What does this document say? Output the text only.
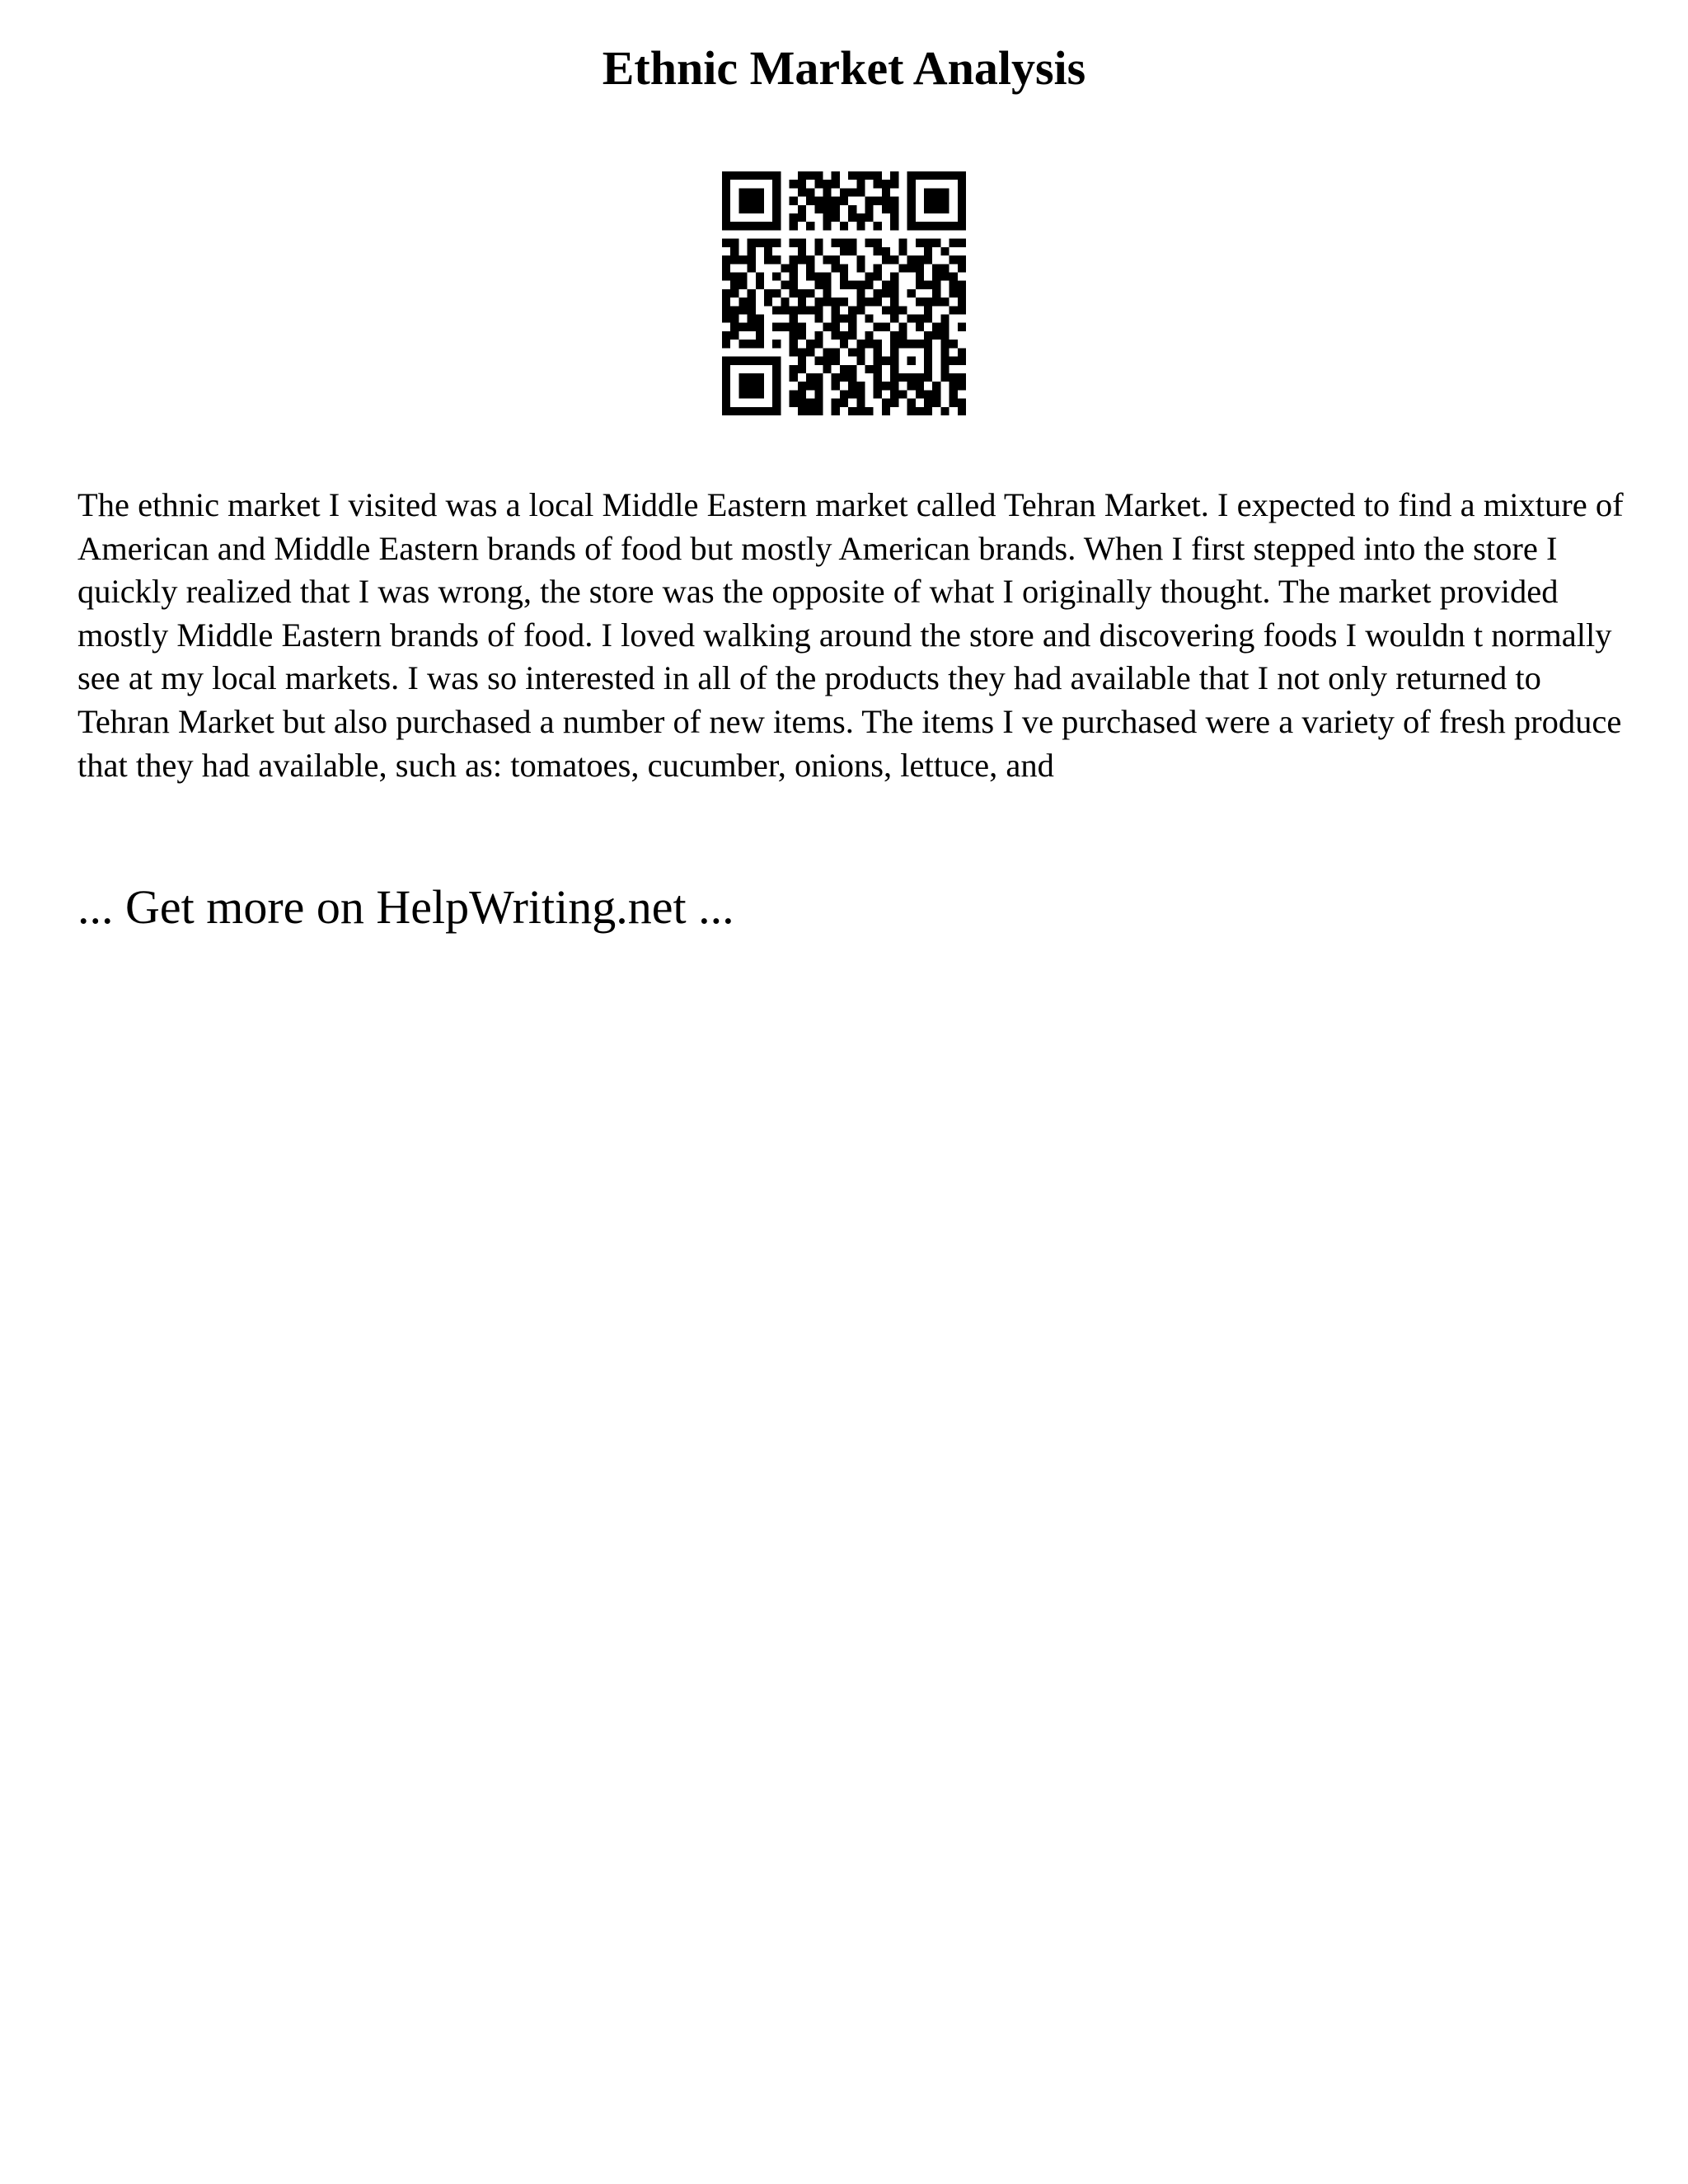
Ethnic Market Analysis

The ethnic market I visited was a local Middle Eastern market called Tehran Market. I expected to find a mixture of American and Middle Eastern brands of food but mostly American brands. When I first stepped into the store I quickly realized that I was wrong, the store was the opposite of what I originally thought. The market provided mostly Middle Eastern brands of food. I loved walking around the store and discovering foods I wouldn t normally see at my local markets. I was so interested in all of the products they had available that I not only returned to Tehran Market but also purchased a number of new items. The items I ve purchased were a variety of fresh produce that they had available, such as: tomatoes, cucumber, onions, lettuce, and

... Get more on HelpWriting.net ...
